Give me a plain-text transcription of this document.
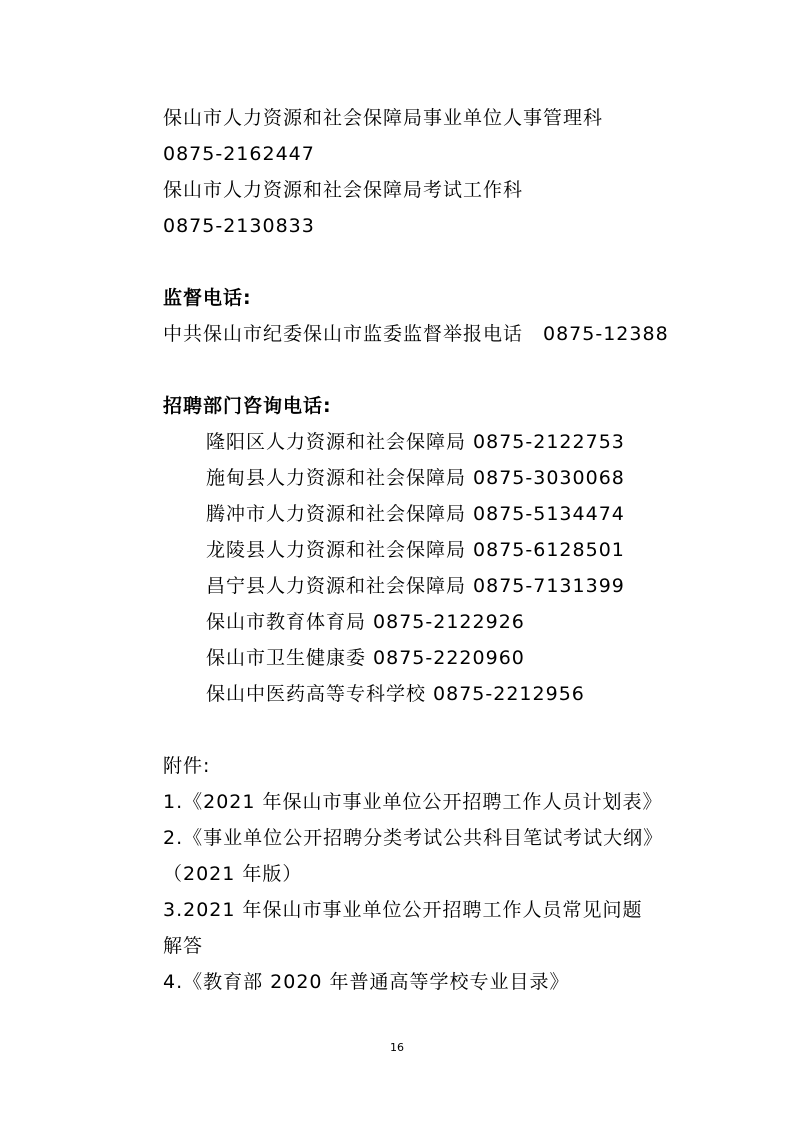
保山市人力资源和社会保障局事业单位人事管理科
0875-2162447
保山市人力资源和社会保障局考试工作科
0875-2130833
监督电话:
中共保山市纪委保山市监委监督举报电话　0875-12388
招聘部门咨询电话:
隆阳区人力资源和社会保障局 0875-2122753
施甸县人力资源和社会保障局 0875-3030068
腾冲市人力资源和社会保障局 0875-5134474
龙陵县人力资源和社会保障局 0875-6128501
昌宁县人力资源和社会保障局 0875-7131399
保山市教育体育局 0875-2122926
保山市卫生健康委 0875-2220960
保山中医药高等专科学校 0875-2212956
附件:
1.《2021 年保山市事业单位公开招聘工作人员计划表》
2.《事业单位公开招聘分类考试公共科目笔试考试大纲》
（2021 年版）
3.2021 年保山市事业单位公开招聘工作人员常见问题
解答
4.《教育部 2020 年普通高等学校专业目录》
16
